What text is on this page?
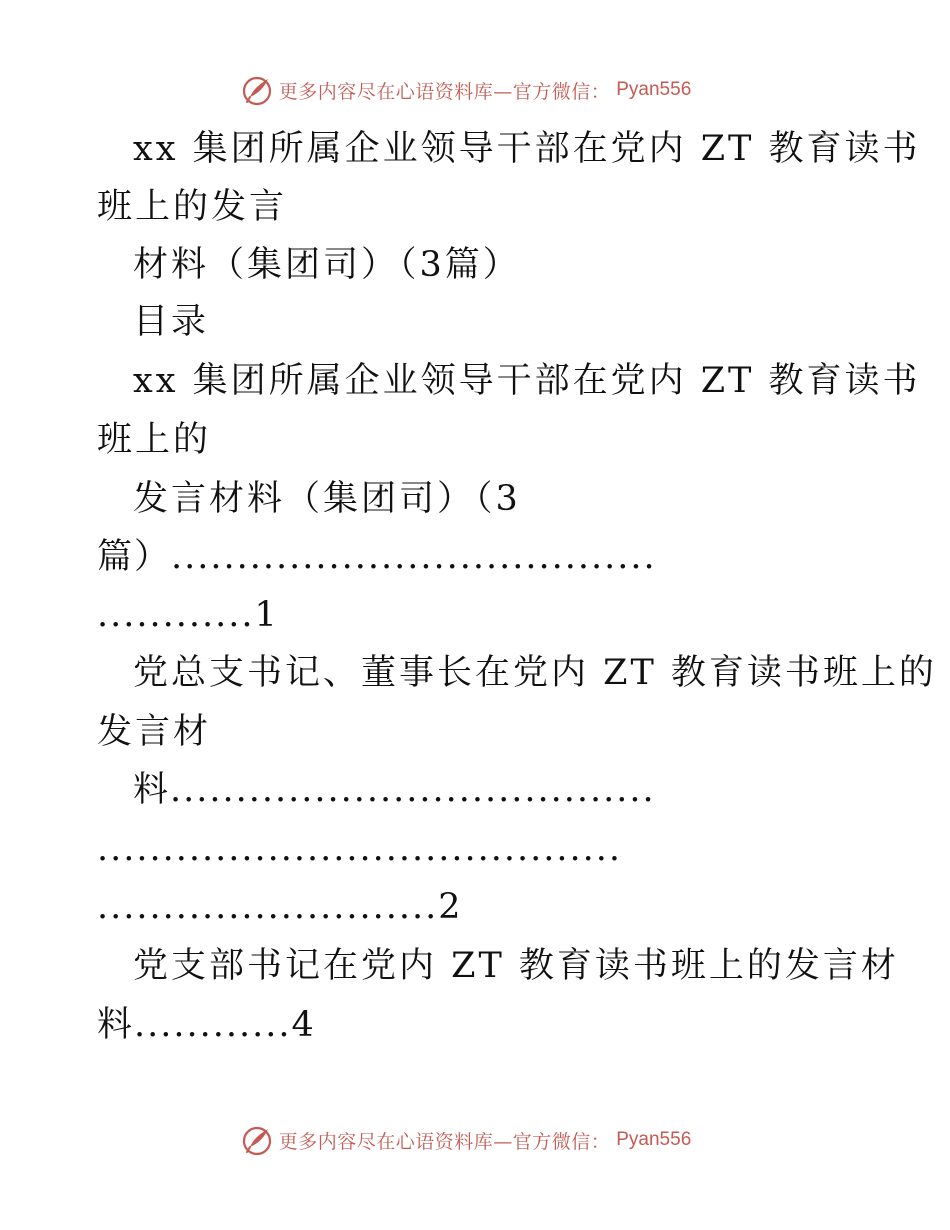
更多内容尽在心语资料库—官方微信： Pyan556
xx 集团所属企业领导干部在党内 ZT 教育读书
班上的发言
材料（集团司）（3篇）
目录
xx 集团所属企业领导干部在党内 ZT 教育读书
班上的
发言材料（集团司）（3
篇）.....................................
............1
党总支书记、董事长在党内 ZT 教育读书班上的
发言材
料.....................................
........................................
..........................2
党支部书记在党内 ZT 教育读书班上的发言材
料............4
更多内容尽在心语资料库—官方微信： Pyan556
